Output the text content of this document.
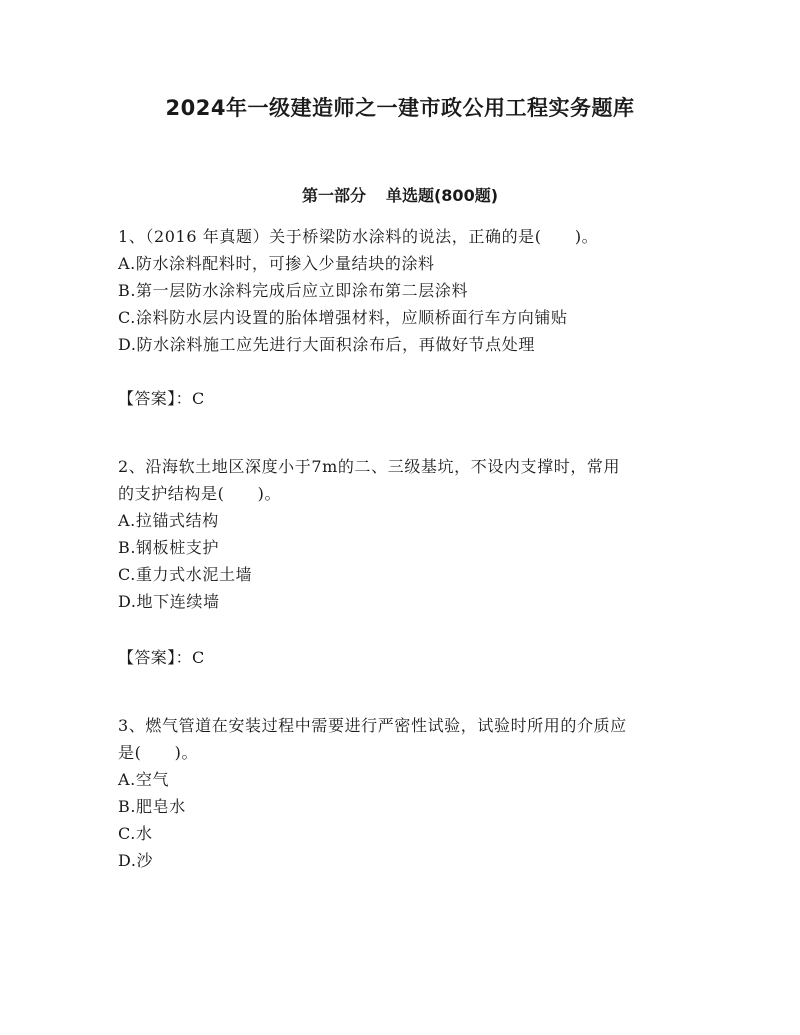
2024年一级建造师之一建市政公用工程实务题库
第一部分 单选题(800题)
1、（2016 年真题）关于桥梁防水涂料的说法，正确的是(　　)。
A.防水涂料配料时，可掺入少量结块的涂料
B.第一层防水涂料完成后应立即涂布第二层涂料
C.涂料防水层内设置的胎体增强材料，应顺桥面行车方向铺贴
D.防水涂料施工应先进行大面积涂布后，再做好节点处理
【答案】：C
2、沿海软土地区深度小于7m的二、三级基坑，不设内支撑时，常用
的支护结构是(　　)。
A.拉锚式结构
B.钢板桩支护
C.重力式水泥土墙
D.地下连续墙
【答案】：C
3、燃气管道在安装过程中需要进行严密性试验，试验时所用的介质应
是(　　)。
A.空气
B.肥皂水
C.水
D.沙
